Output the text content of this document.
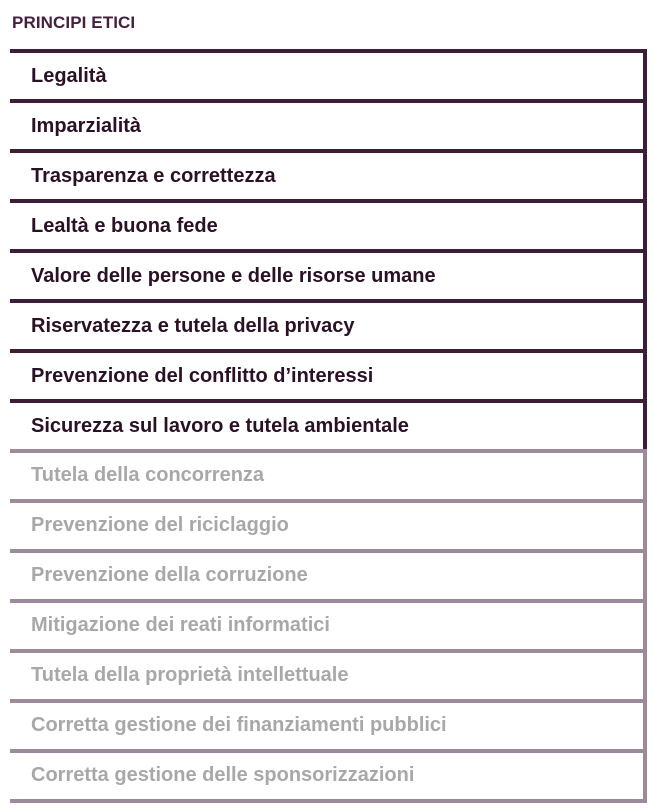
PRINCIPI ETICI
Legalità
Imparzialità
Trasparenza e correttezza
Lealtà e buona fede
Valore delle persone e delle risorse umane
Riservatezza e tutela della privacy
Prevenzione del conflitto d’interessi
Sicurezza sul lavoro e tutela ambientale
Tutela della concorrenza
Prevenzione del riciclaggio
Prevenzione della corruzione
Mitigazione dei reati informatici
Tutela della proprietà intellettuale
Corretta gestione dei finanziamenti pubblici
Corretta gestione delle sponsorizzazioni
